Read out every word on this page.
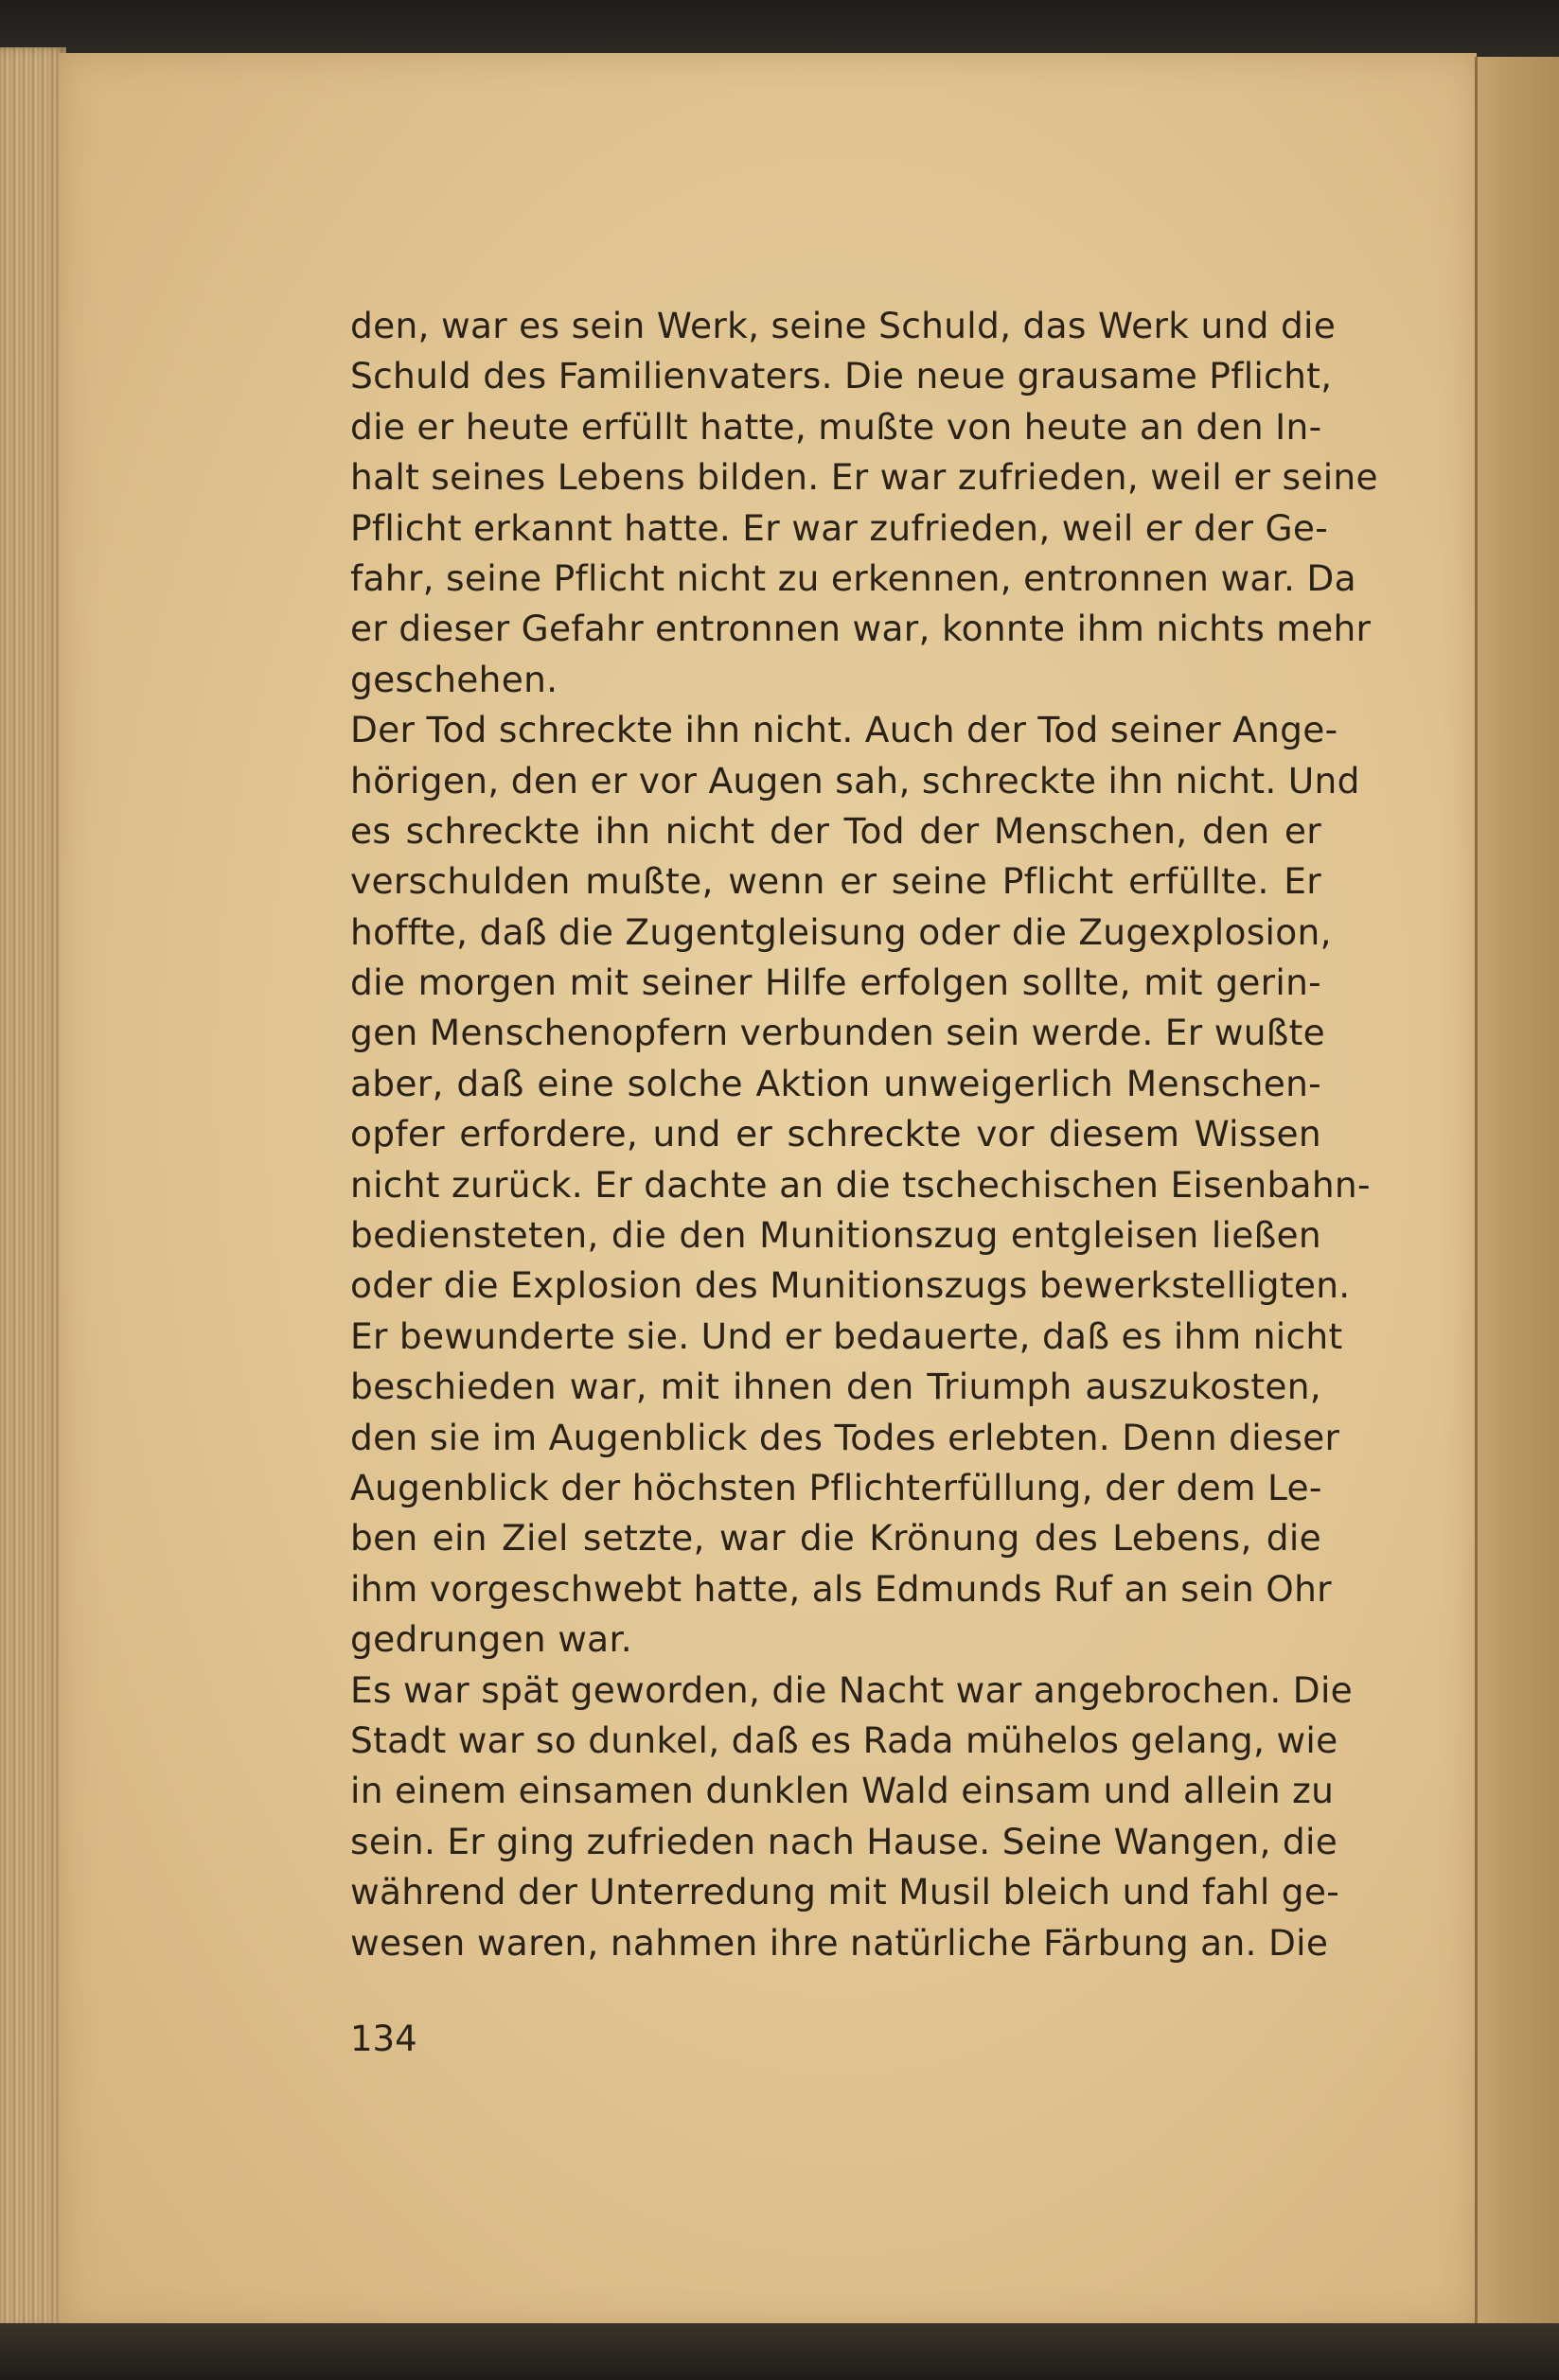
den, war es sein Werk, seine Schuld, das Werk und die
Schuld des Familienvaters. Die neue grausame Pflicht,
die er heute erfüllt hatte, mußte von heute an den In-
halt seines Lebens bilden. Er war zufrieden, weil er seine
Pflicht erkannt hatte. Er war zufrieden, weil er der Ge-
fahr, seine Pflicht nicht zu erkennen, entronnen war. Da
er dieser Gefahr entronnen war, konnte ihm nichts mehr
geschehen.
Der Tod schreckte ihn nicht. Auch der Tod seiner Ange-
hörigen, den er vor Augen sah, schreckte ihn nicht. Und
es schreckte ihn nicht der Tod der Menschen, den er
verschulden mußte, wenn er seine Pflicht erfüllte. Er
hoffte, daß die Zugentgleisung oder die Zugexplosion,
die morgen mit seiner Hilfe erfolgen sollte, mit gerin-
gen Menschenopfern verbunden sein werde. Er wußte
aber, daß eine solche Aktion unweigerlich Menschen-
opfer erfordere, und er schreckte vor diesem Wissen
nicht zurück. Er dachte an die tschechischen Eisenbahn-
bediensteten, die den Munitionszug entgleisen ließen
oder die Explosion des Munitionszugs bewerkstelligten.
Er bewunderte sie. Und er bedauerte, daß es ihm nicht
beschieden war, mit ihnen den Triumph auszukosten,
den sie im Augenblick des Todes erlebten. Denn dieser
Augenblick der höchsten Pflichterfüllung, der dem Le-
ben ein Ziel setzte, war die Krönung des Lebens, die
ihm vorgeschwebt hatte, als Edmunds Ruf an sein Ohr
gedrungen war.
Es war spät geworden, die Nacht war angebrochen. Die
Stadt war so dunkel, daß es Rada mühelos gelang, wie
in einem einsamen dunklen Wald einsam und allein zu
sein. Er ging zufrieden nach Hause. Seine Wangen, die
während der Unterredung mit Musil bleich und fahl ge-
wesen waren, nahmen ihre natürliche Färbung an. Die
134
